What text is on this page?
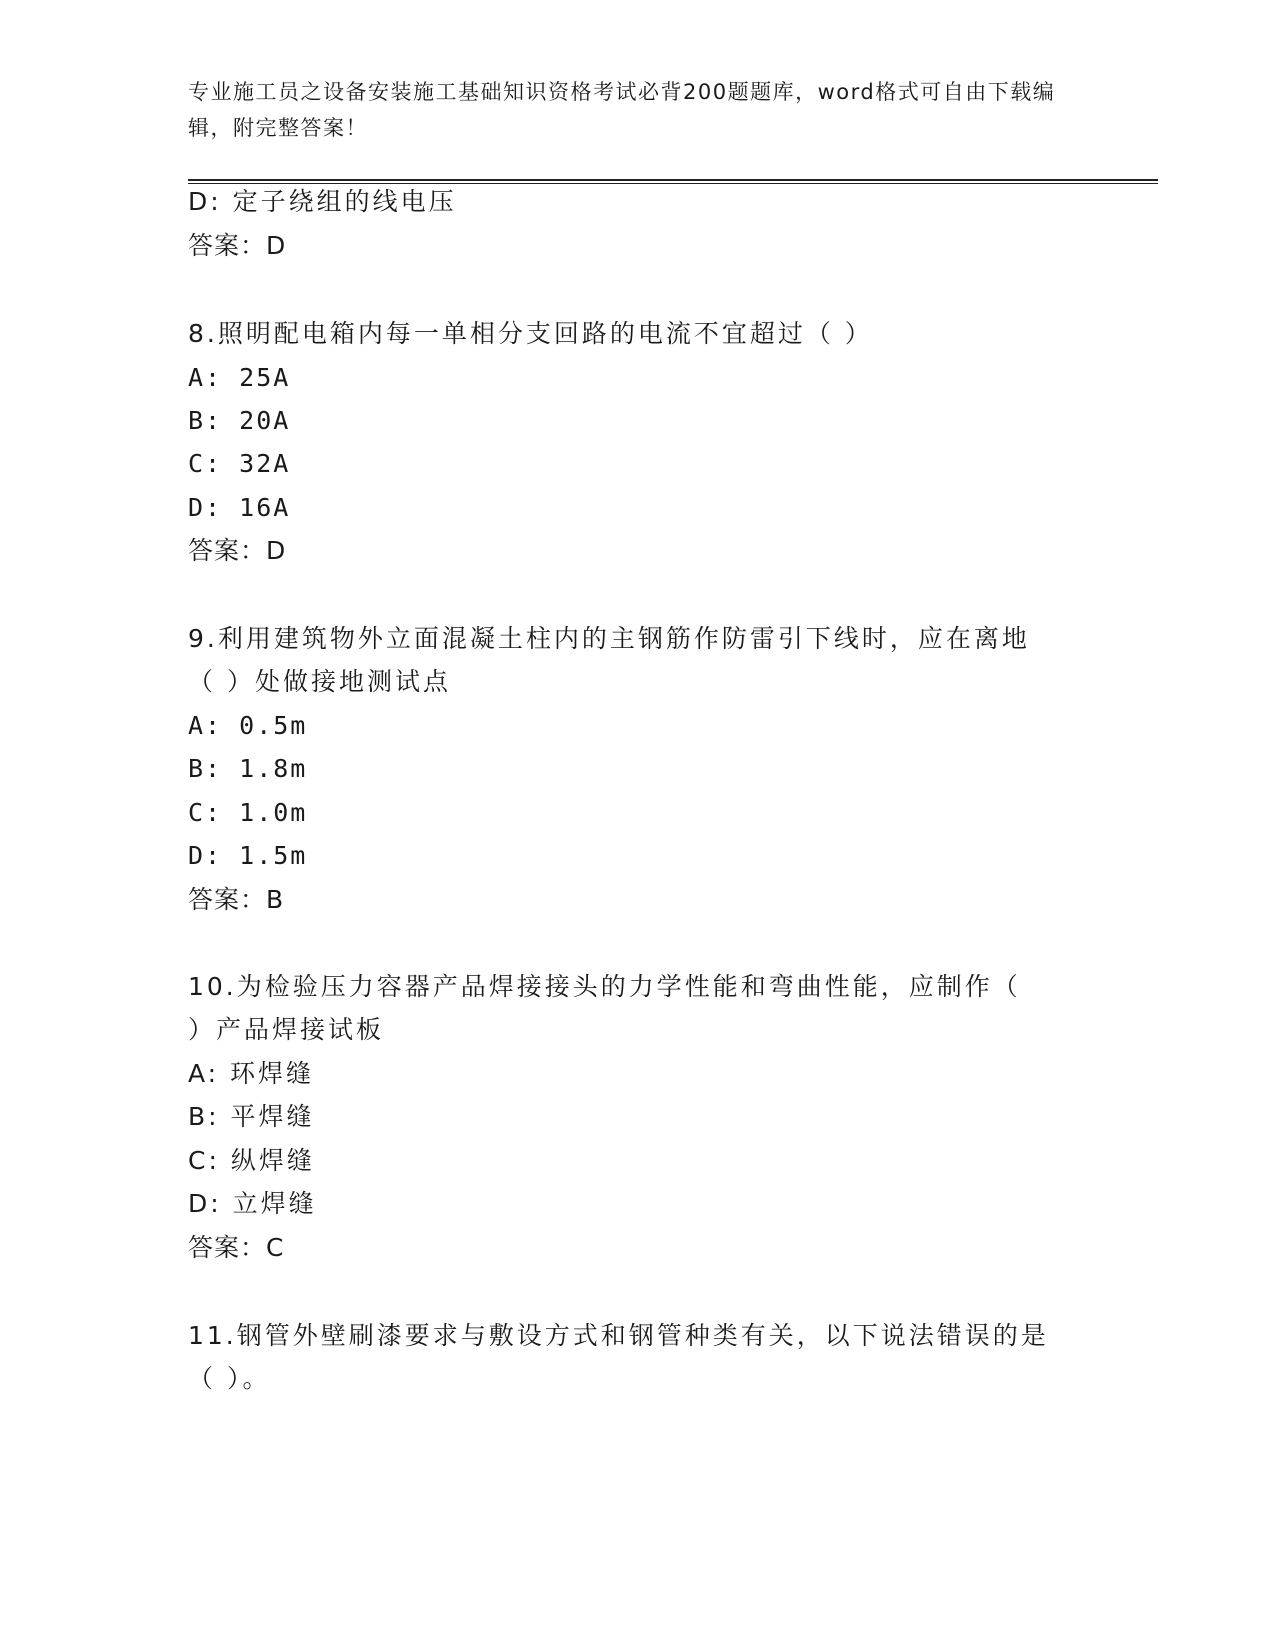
专业施工员之设备安装施工基础知识资格考试必背200题题库，word格式可自由下载编辑，附完整答案！
D: 定子绕组的线电压
答案：D
8.照明配电箱内每一单相分支回路的电流不宜超过（ ）
A: 25A
B: 20A
C: 32A
D: 16A
答案：D
9.利用建筑物外立面混凝土柱内的主钢筋作防雷引下线时，应在离地
（ ）处做接地测试点
A: 0.5m
B: 1.8m
C: 1.0m
D: 1.5m
答案：B
10.为检验压力容器产品焊接接头的力学性能和弯曲性能，应制作（
）产品焊接试板
A: 环焊缝
B: 平焊缝
C: 纵焊缝
D: 立焊缝
答案：C
11.钢管外壁刷漆要求与敷设方式和钢管种类有关，以下说法错误的是
（ ）。
